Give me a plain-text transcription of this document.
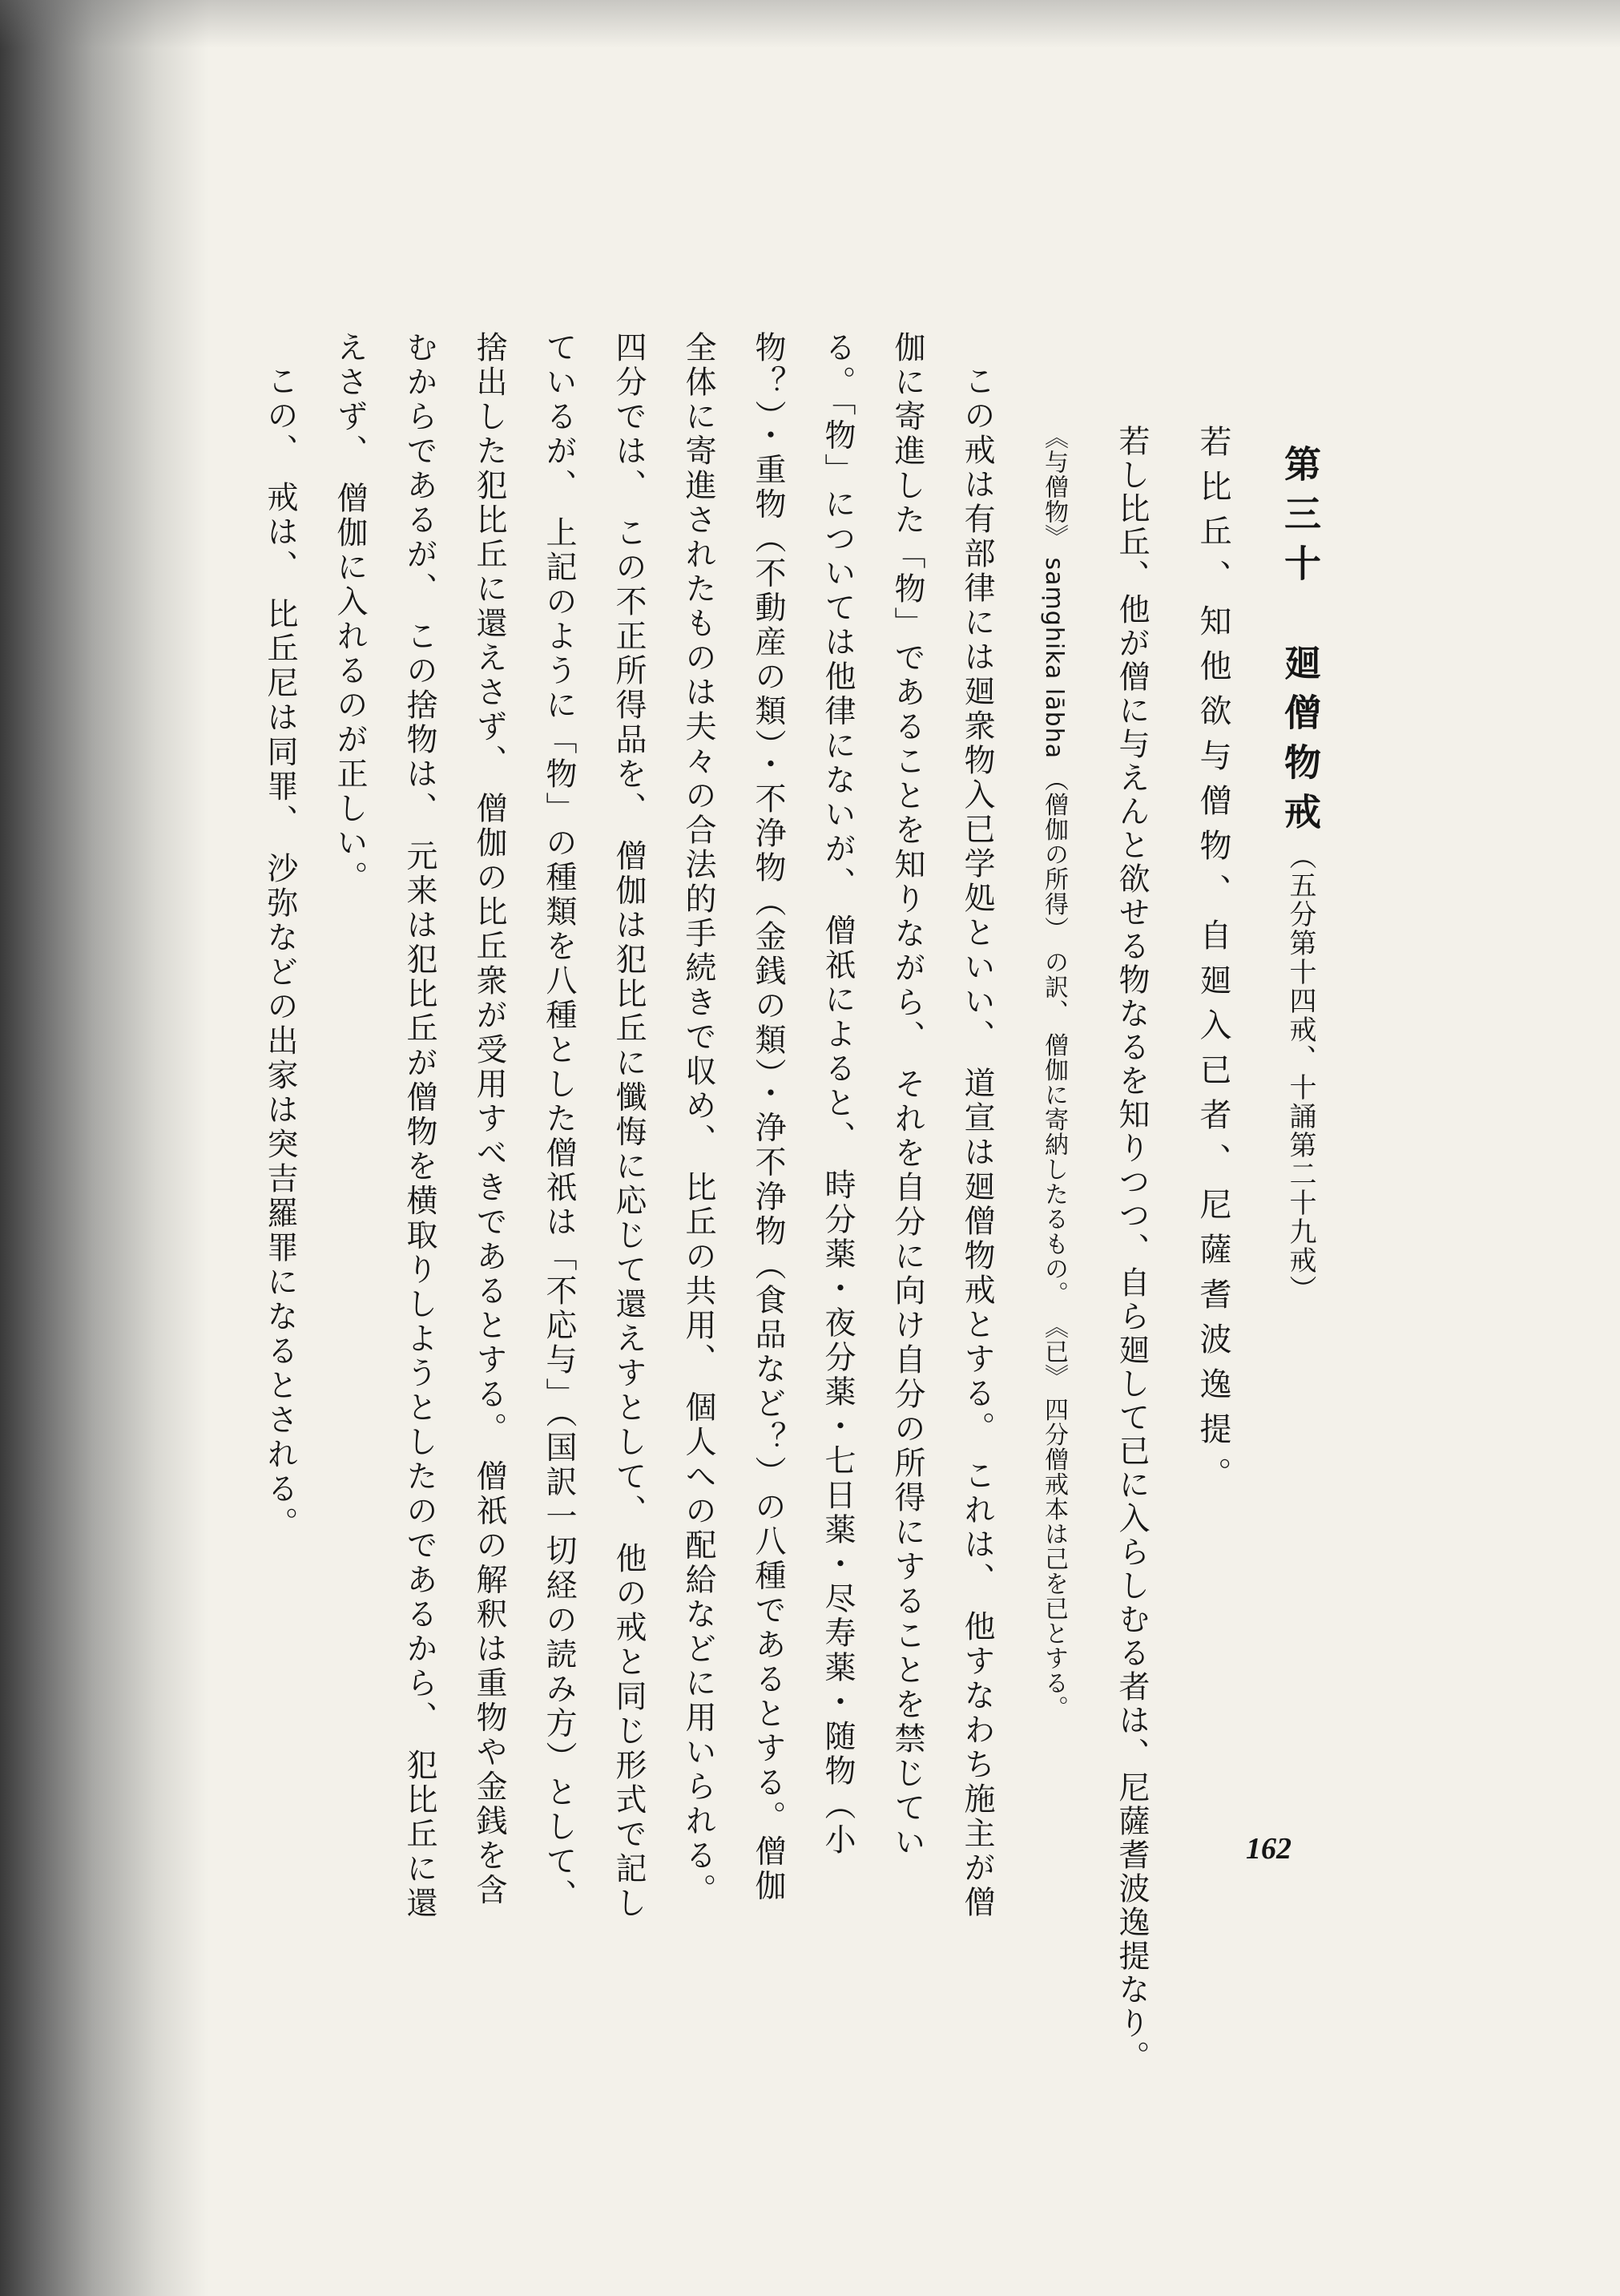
第三十　廻僧物戒（五分第十四戒、十誦第二十九戒）
若比丘、知他欲与僧物、自廻入已者、尼薩耆波逸提。
若し比丘、他が僧に与えんと欲せる物なるを知りつつ、自ら廻して已に入らしむる者は、尼薩耆波逸提なり。
《与僧物》 saṃghika lābha （僧伽の所得） の訳、 僧伽に寄納したるもの。 《已》 四分僧戒本は己を已とする。
この戒は有部律には廻衆物入已学処といい、 道宣は廻僧物戒とする。 これは、 他すなわち施主が僧
伽に寄進した「物」であることを知りながら、 それを自分に向け自分の所得にすることを禁じてい
る。「物」については他律にないが、 僧祇によると、 時分薬・夜分薬・七日薬・尽寿薬・随物（小
物？）・重物（不動産の類）・不浄物（金銭の類）・浄不浄物（食品など？）の八種であるとする。僧伽
全体に寄進されたものは夫々の合法的手続きで収め、 比丘の共用、 個人への配給などに用いられる。
四分では、 この不正所得品を、 僧伽は犯比丘に懺悔に応じて還えすとして、 他の戒と同じ形式で記し
ているが、 上記のように「物」の種類を八種とした僧祇は「不応与」（国訳一切経の読み方）として、
捨出した犯比丘に還えさず、 僧伽の比丘衆が受用すべきであるとする。 僧祇の解釈は重物や金銭を含
むからであるが、 この捨物は、 元来は犯比丘が僧物を横取りしようとしたのであるから、 犯比丘に還
えさず、 僧伽に入れるのが正しい。
この、 戒は、 比丘尼は同罪、 沙弥などの出家は突吉羅罪になるとされる。
162
